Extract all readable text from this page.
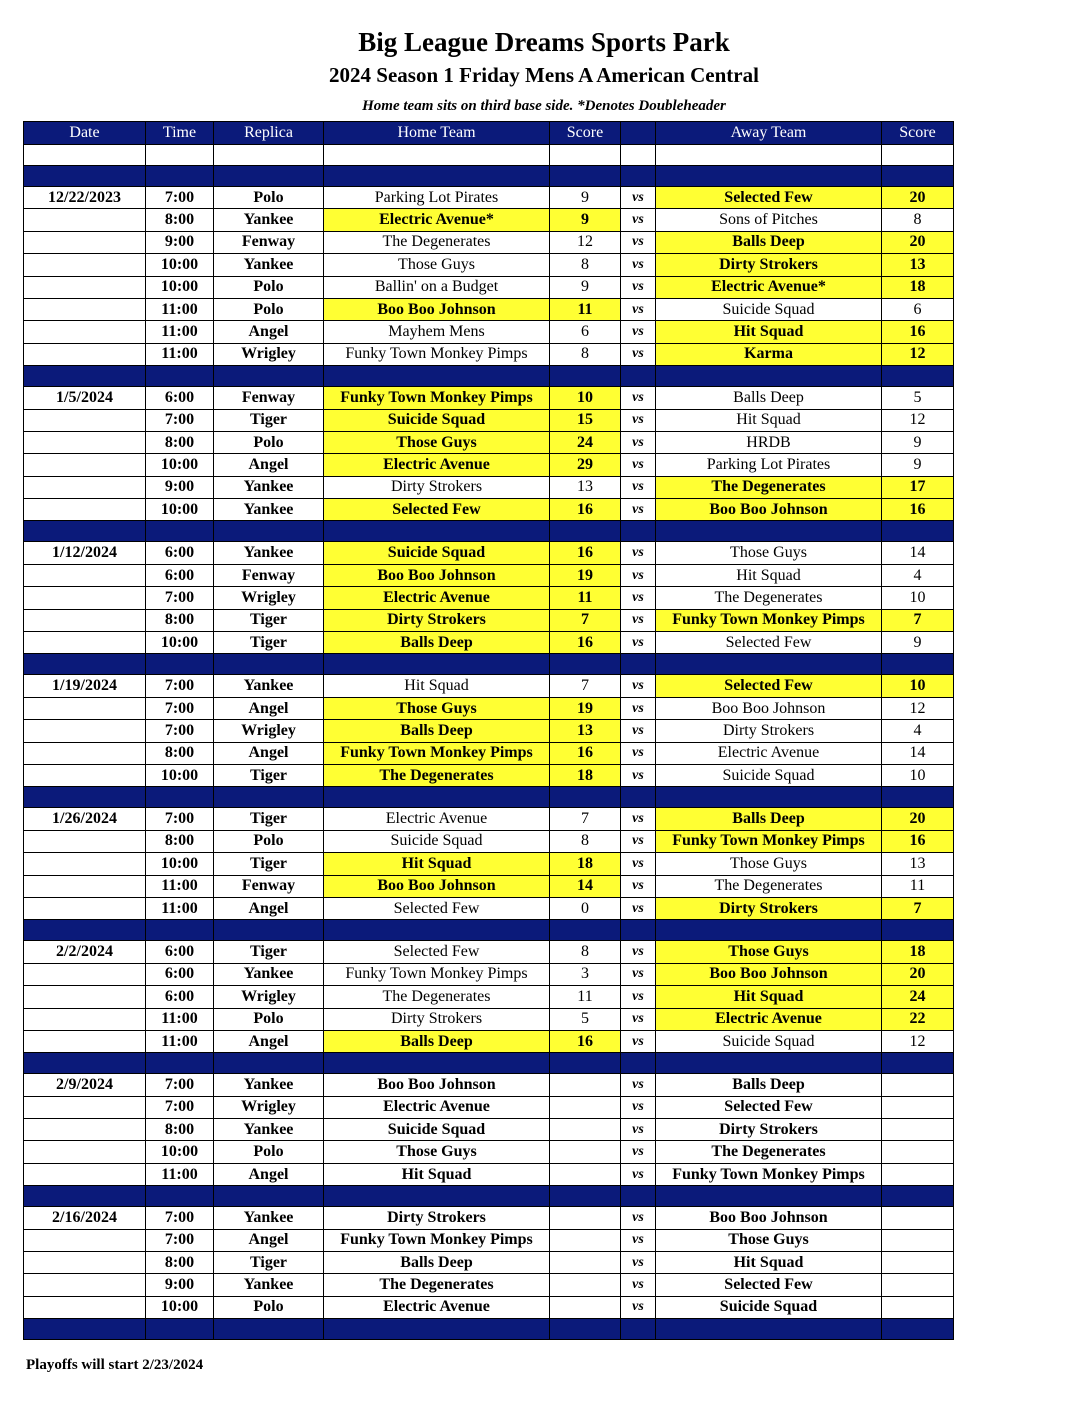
Big League Dreams Sports Park
2024 Season 1 Friday Mens A American Central
Home team sits on third base side. *Denotes Doubleheader
Date	Time	Replica	Home Team	Score		Away Team	Score

12/22/2023	7:00	Polo	Parking Lot Pirates	9	vs	Selected Few	20
	8:00	Yankee	Electric Avenue*	9	vs	Sons of Pitches	8
	9:00	Fenway	The Degenerates	12	vs	Balls Deep	20
	10:00	Yankee	Those Guys	8	vs	Dirty Strokers	13
	10:00	Polo	Ballin' on a Budget	9	vs	Electric Avenue*	18
	11:00	Polo	Boo Boo Johnson	11	vs	Suicide Squad	6
	11:00	Angel	Mayhem Mens	6	vs	Hit Squad	16
	11:00	Wrigley	Funky Town Monkey Pimps	8	vs	Karma	12

1/5/2024	6:00	Fenway	Funky Town Monkey Pimps	10	vs	Balls Deep	5
	7:00	Tiger	Suicide Squad	15	vs	Hit Squad	12
	8:00	Polo	Those Guys	24	vs	HRDB	9
	10:00	Angel	Electric Avenue	29	vs	Parking Lot Pirates	9
	9:00	Yankee	Dirty Strokers	13	vs	The Degenerates	17
	10:00	Yankee	Selected Few	16	vs	Boo Boo Johnson	16

1/12/2024	6:00	Yankee	Suicide Squad	16	vs	Those Guys	14
	6:00	Fenway	Boo Boo Johnson	19	vs	Hit Squad	4
	7:00	Wrigley	Electric Avenue	11	vs	The Degenerates	10
	8:00	Tiger	Dirty Strokers	7	vs	Funky Town Monkey Pimps	7
	10:00	Tiger	Balls Deep	16	vs	Selected Few	9

1/19/2024	7:00	Yankee	Hit Squad	7	vs	Selected Few	10
	7:00	Angel	Those Guys	19	vs	Boo Boo Johnson	12
	7:00	Wrigley	Balls Deep	13	vs	Dirty Strokers	4
	8:00	Angel	Funky Town Monkey Pimps	16	vs	Electric Avenue	14
	10:00	Tiger	The Degenerates	18	vs	Suicide Squad	10

1/26/2024	7:00	Tiger	Electric Avenue	7	vs	Balls Deep	20
	8:00	Polo	Suicide Squad	8	vs	Funky Town Monkey Pimps	16
	10:00	Tiger	Hit Squad	18	vs	Those Guys	13
	11:00	Fenway	Boo Boo Johnson	14	vs	The Degenerates	11
	11:00	Angel	Selected Few	0	vs	Dirty Strokers	7

2/2/2024	6:00	Tiger	Selected Few	8	vs	Those Guys	18
	6:00	Yankee	Funky Town Monkey Pimps	3	vs	Boo Boo Johnson	20
	6:00	Wrigley	The Degenerates	11	vs	Hit Squad	24
	11:00	Polo	Dirty Strokers	5	vs	Electric Avenue	22
	11:00	Angel	Balls Deep	16	vs	Suicide Squad	12

2/9/2024	7:00	Yankee	Boo Boo Johnson		vs	Balls Deep	
	7:00	Wrigley	Electric Avenue		vs	Selected Few	
	8:00	Yankee	Suicide Squad		vs	Dirty Strokers	
	10:00	Polo	Those Guys		vs	The Degenerates	
	11:00	Angel	Hit Squad		vs	Funky Town Monkey Pimps	

2/16/2024	7:00	Yankee	Dirty Strokers		vs	Boo Boo Johnson	
	7:00	Angel	Funky Town Monkey Pimps		vs	Those Guys	
	8:00	Tiger	Balls Deep		vs	Hit Squad	
	9:00	Yankee	The Degenerates		vs	Selected Few	
	10:00	Polo	Electric Avenue		vs	Suicide Squad	

Playoffs will start 2/23/2024
